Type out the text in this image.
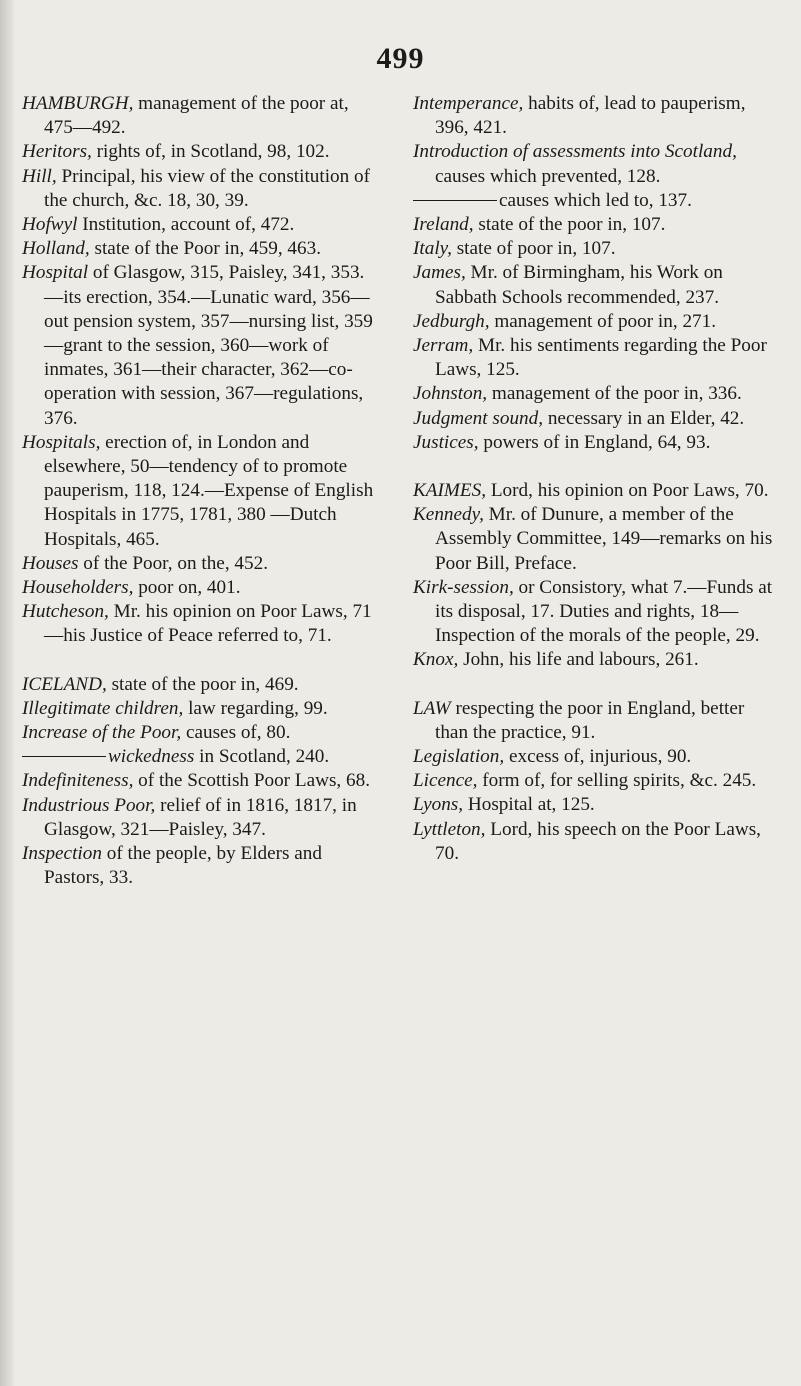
499

HAMBURGH, management of the poor at, 475—492.

Heritors, rights of, in Scotland, 98, 102.

Hill, Principal, his view of the constitution of the church, &c. 18, 30, 39.

Hofwyl Institution, account of, 472.

Holland, state of the Poor in, 459, 463.

Hospital of Glasgow, 315, Paisley, 341, 353.—its erection, 354.—Lunatic ward, 356—out pension system, 357—nursing list, 359—grant to the session, 360—work of inmates, 361—their character, 362—co-operation with session, 367—regulations, 376.

Hospitals, erection of, in London and elsewhere, 50—tendency of to promote pauperism, 118, 124.—Expense of English Hospitals in 1775, 1781, 380 —Dutch Hospitals, 465.

Houses of the Poor, on the, 452.

Householders, poor on, 401.

Hutcheson, Mr. his opinion on Poor Laws, 71—his Justice of Peace referred to, 71.

ICELAND, state of the poor in, 469.

Illegitimate children, law regarding, 99.

Increase of the Poor, causes of, 80.

wickedness in Scotland, 240.

Indefiniteness, of the Scottish Poor Laws, 68.

Industrious Poor, relief of in 1816, 1817, in Glasgow, 321—Paisley, 347.

Inspection of the people, by Elders and Pastors, 33.

Intemperance, habits of, lead to pauperism, 396, 421.

Introduction of assessments into Scotland, causes which prevented, 128.

causes which led to, 137.

Ireland, state of the poor in, 107.

Italy, state of poor in, 107.

James, Mr. of Birmingham, his Work on Sabbath Schools recommended, 237.

Jedburgh, management of poor in, 271.

Jerram, Mr. his sentiments regarding the Poor Laws, 125.

Johnston, management of the poor in, 336.

Judgment sound, necessary in an Elder, 42.

Justices, powers of in England, 64, 93.

KAIMES, Lord, his opinion on Poor Laws, 70.

Kennedy, Mr. of Dunure, a member of the Assembly Committee, 149—remarks on his Poor Bill, Preface.

Kirk-session, or Consistory, what 7.—Funds at its disposal, 17. Duties and rights, 18—Inspection of the morals of the people, 29.

Knox, John, his life and labours, 261.

LAW respecting the poor in England, better than the practice, 91.

Legislation, excess of, injurious, 90.

Licence, form of, for selling spirits, &c. 245.

Lyons, Hospital at, 125.

Lyttleton, Lord, his speech on the Poor Laws, 70.
